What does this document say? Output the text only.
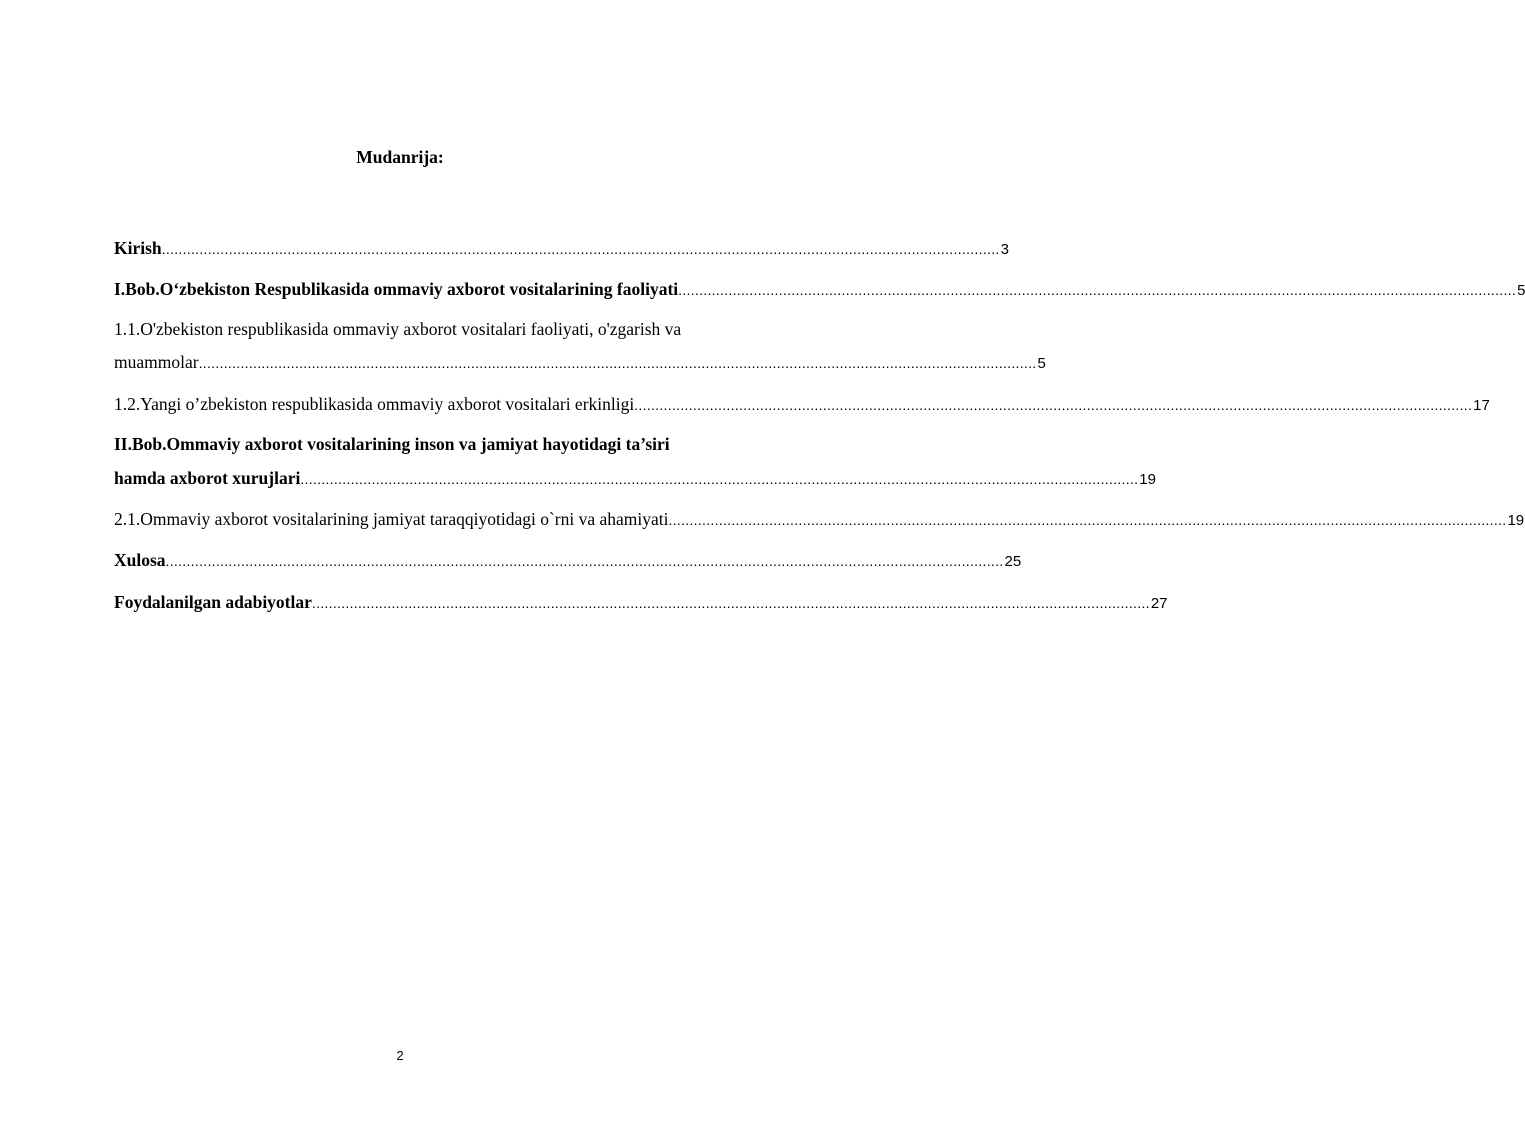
Mudanrija:
Kirish ........................................................................................................................................................................................................ 3
I.Bob.O‘zbekiston Respublikasida ommaviy axborot vositalarining faoliyati ........................................................................................................................................................................................................ 5
1.1.O'zbekiston respublikasida ommaviy axborot vositalari faoliyati, o'zgarish va
muammolar ........................................................................................................................................................................................................ 5
1.2.Yangi o’zbekiston respublikasida ommaviy axborot vositalari erkinligi ........................................................................................................................................................................................................ 17
II.Bob.Ommaviy axborot vositalarining inson va jamiyat hayotidagi ta’siri
hamda axborot xurujlari ........................................................................................................................................................................................................ 19
2.1.Ommaviy axborot vositalarining jamiyat taraqqiyotidagi o`rni va ahamiyati ........................................................................................................................................................................................................ 19
Xulosa ........................................................................................................................................................................................................ 25
Foydalanilgan adabiyotlar ........................................................................................................................................................................................................ 27
2
